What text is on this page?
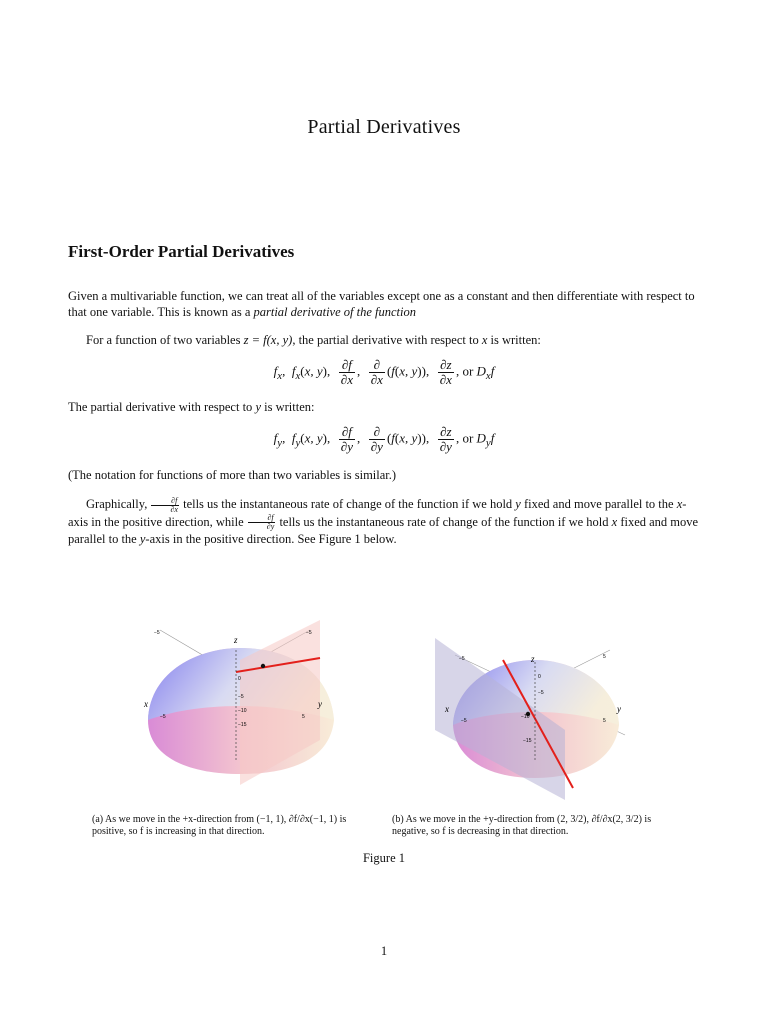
Partial Derivatives
First-Order Partial Derivatives
Given a multivariable function, we can treat all of the variables except one as a constant and then differentiate with respect to that one variable. This is known as a partial derivative of the function
For a function of two variables z = f(x, y), the partial derivative with respect to x is written:
$f_x$,  $f_x(x$, y), $\frac{\partial f}{\partial x}$ , $\frac{\partial}{\partial x} (f(x$, y)), $\frac{\partial z}{\partial x}$ , or $D_xf$
The partial derivative with respect to y is written:
$f_y$,  $f_y(x$, y), $\frac{\partial f}{\partial y}$ , $\frac{\partial}{\partial y} (f(x$, y)), $\frac{\partial z}{\partial y}$ , or $D_yf$
(The notation for functions of more than two variables is similar.)
Graphically, $\frac{\partial f}{\partial x}$ tells us the instantaneous rate of change of the function if we hold y fixed and move parallel to the x-axis in the positive direction, while $\frac{\partial f}{\partial y}$ tells us the instantaneous rate of change of the function if we hold x fixed and move parallel to the y-axis in the positive direction. See Figure 1 below.
z
x	y
0
−5
−10
−15
−5	−5
−5	5
z
x	y
0
−5
−10
−15
−5	5
−5	5
(a) As we move in the +x-direction from (−1, 1), ∂f/∂x(−1, 1) is positive, so f is increasing in that direction.
(b) As we move in the +y-direction from (2, 3/2), ∂f/∂x(2, 3/2) is negative, so f is decreasing in that direction.
Figure 1
1
